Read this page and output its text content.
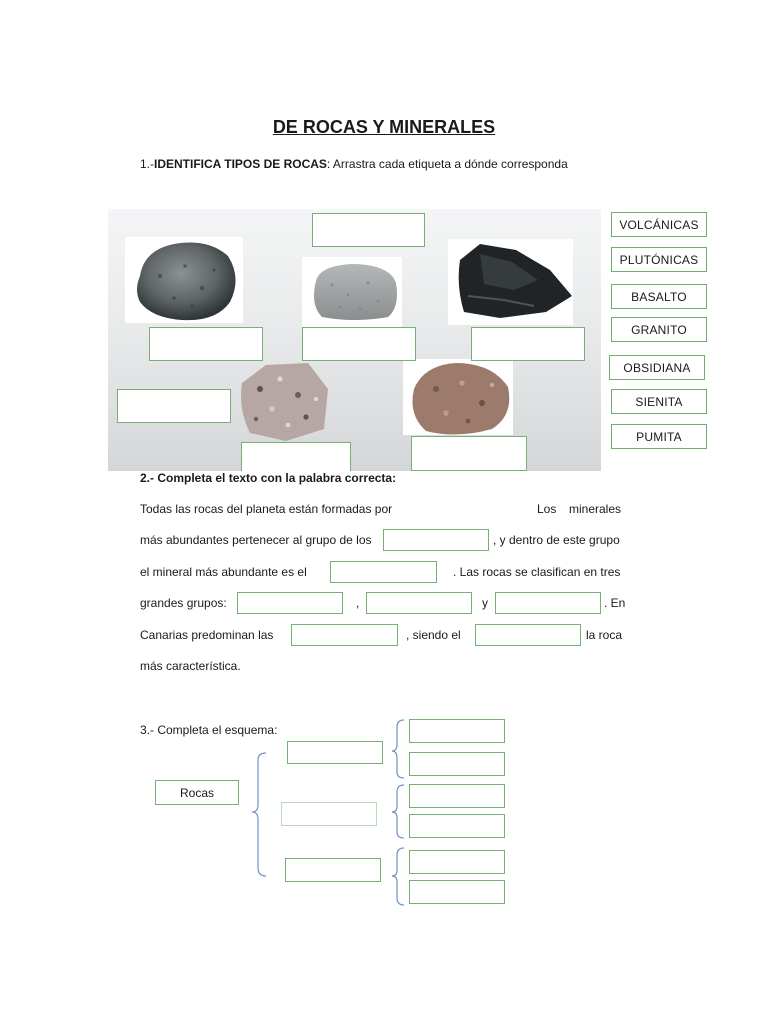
DE ROCAS Y MINERALES
1.-IDENTIFICA TIPOS DE ROCAS: Arrastra cada etiqueta a dónde corresponda
VOLCÁNICAS
PLUTÓNICAS
BASALTO
GRANITO
OBSIDIANA
SIENITA
PUMITA
2.- Completa el texto con la palabra correcta:
Todas las rocas del planeta están formadas por	Los minerales
más abundantes pertenecer al grupo de los	, y dentro de este grupo
el mineral más abundante es el	. Las rocas se clasifican en tres
grandes grupos:	,	y	. En
Canarias predominan las	, siendo el	la roca
más característica.
3.- Completa el esquema:
Rocas
